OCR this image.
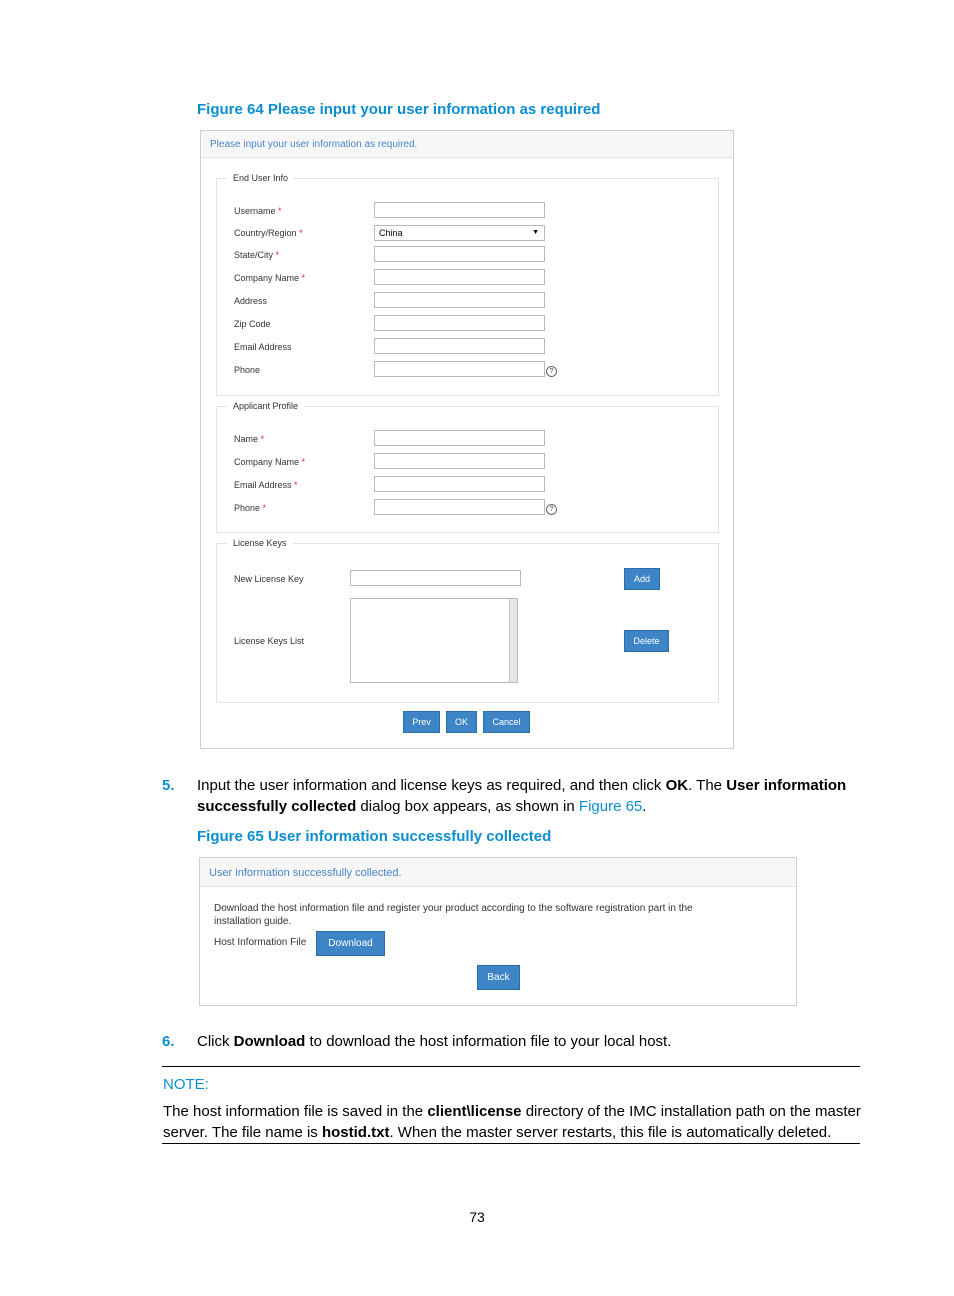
Figure 64 Please input your user information as required
Please input your user information as required.
End User Info
Username *
Country/Region *	China	▼
State/City *
Company Name *
Address
Zip Code
Email Address
Phone	?
Applicant Profile
Name *
Company Name *
Email Address *
Phone *	?
License Keys
New License Key	Add
License Keys List	Delete
Prev	OK	Cancel
5. Input the user information and license keys as required, and then click OK. The User information
successfully collected dialog box appears, as shown in Figure 65.
Figure 65 User information successfully collected
User information successfully collected.
Download the host information file and register your product according to the software registration part in the
installation guide.
Host Information File	Download
Back
6. Click Download to download the host information file to your local host.
NOTE:
The host information file is saved in the client\license directory of the IMC installation path on the master
server. The file name is hostid.txt. When the master server restarts, this file is automatically deleted.
73
